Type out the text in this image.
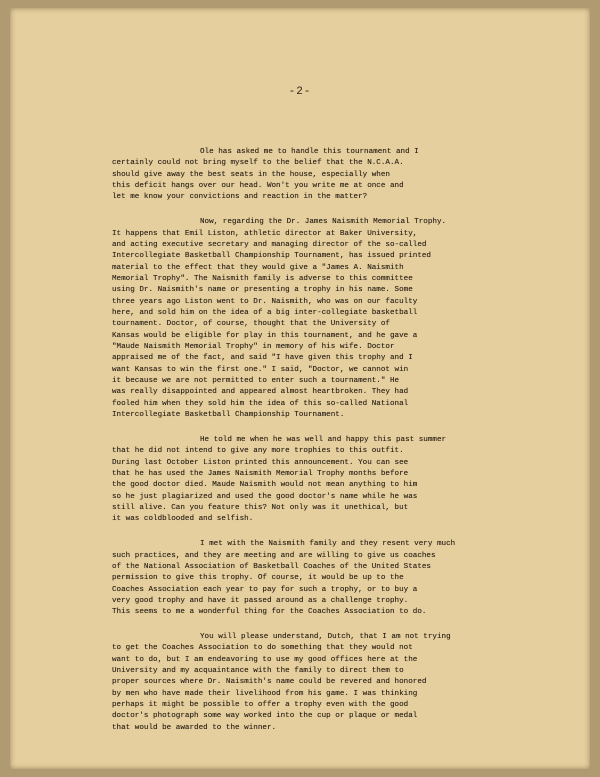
-2-
Ole has asked me to handle this tournament and I
certainly could not bring myself to the belief that the N.C.A.A.
should give away the best seats in the house, especially when
this deficit hangs over our head. Won't you write me at once and
let me know your convictions and reaction in the matter?
Now, regarding the Dr. James Naismith Memorial Trophy.
It happens that Emil Liston, athletic director at Baker University,
and acting executive secretary and managing director of the so-called
Intercollegiate Basketball Championship Tournament, has issued printed
material to the effect that they would give a "James A. Naismith
Memorial Trophy". The Naismith family is adverse to this committee
using Dr. Naismith's name or presenting a trophy in his name. Some
three years ago Liston went to Dr. Naismith, who was on our faculty
here, and sold him on the idea of a big inter-collegiate basketball
tournament. Doctor, of course, thought that the University of
Kansas would be eligible for play in this tournament, and he gave a
"Maude Naismith Memorial Trophy" in memory of his wife. Doctor
appraised me of the fact, and said "I have given this trophy and I
want Kansas to win the first one." I said, "Doctor, we cannot win
it because we are not permitted to enter such a tournament." He
was really disappointed and appeared almost heartbroken. They had
fooled him when they sold him the idea of this so-called National
Intercollegiate Basketball Championship Tournament.
He told me when he was well and happy this past summer
that he did not intend to give any more trophies to this outfit.
During last October Liston printed this announcement. You can see
that he has used the James Naismith Memorial Trophy months before
the good doctor died. Maude Naismith would not mean anything to him
so he just plagiarized and used the good doctor's name while he was
still alive. Can you feature this? Not only was it unethical, but
it was coldblooded and selfish.
I met with the Naismith family and they resent very much
such practices, and they are meeting and are willing to give us coaches
of the National Association of Basketball Coaches of the United States
permission to give this trophy. Of course, it would be up to the
Coaches Association each year to pay for such a trophy, or to buy a
very good trophy and have it passed around as a challenge trophy.
This seems to me a wonderful thing for the Coaches Association to do.
You will please understand, Dutch, that I am not trying
to get the Coaches Association to do something that they would not
want to do, but I am endeavoring to use my good offices here at the
University and my acquaintance with the family to direct them to
proper sources where Dr. Naismith's name could be revered and honored
by men who have made their livelihood from his game. I was thinking
perhaps it might be possible to offer a trophy even with the good
doctor's photograph some way worked into the cup or plaque or medal
that would be awarded to the winner.
